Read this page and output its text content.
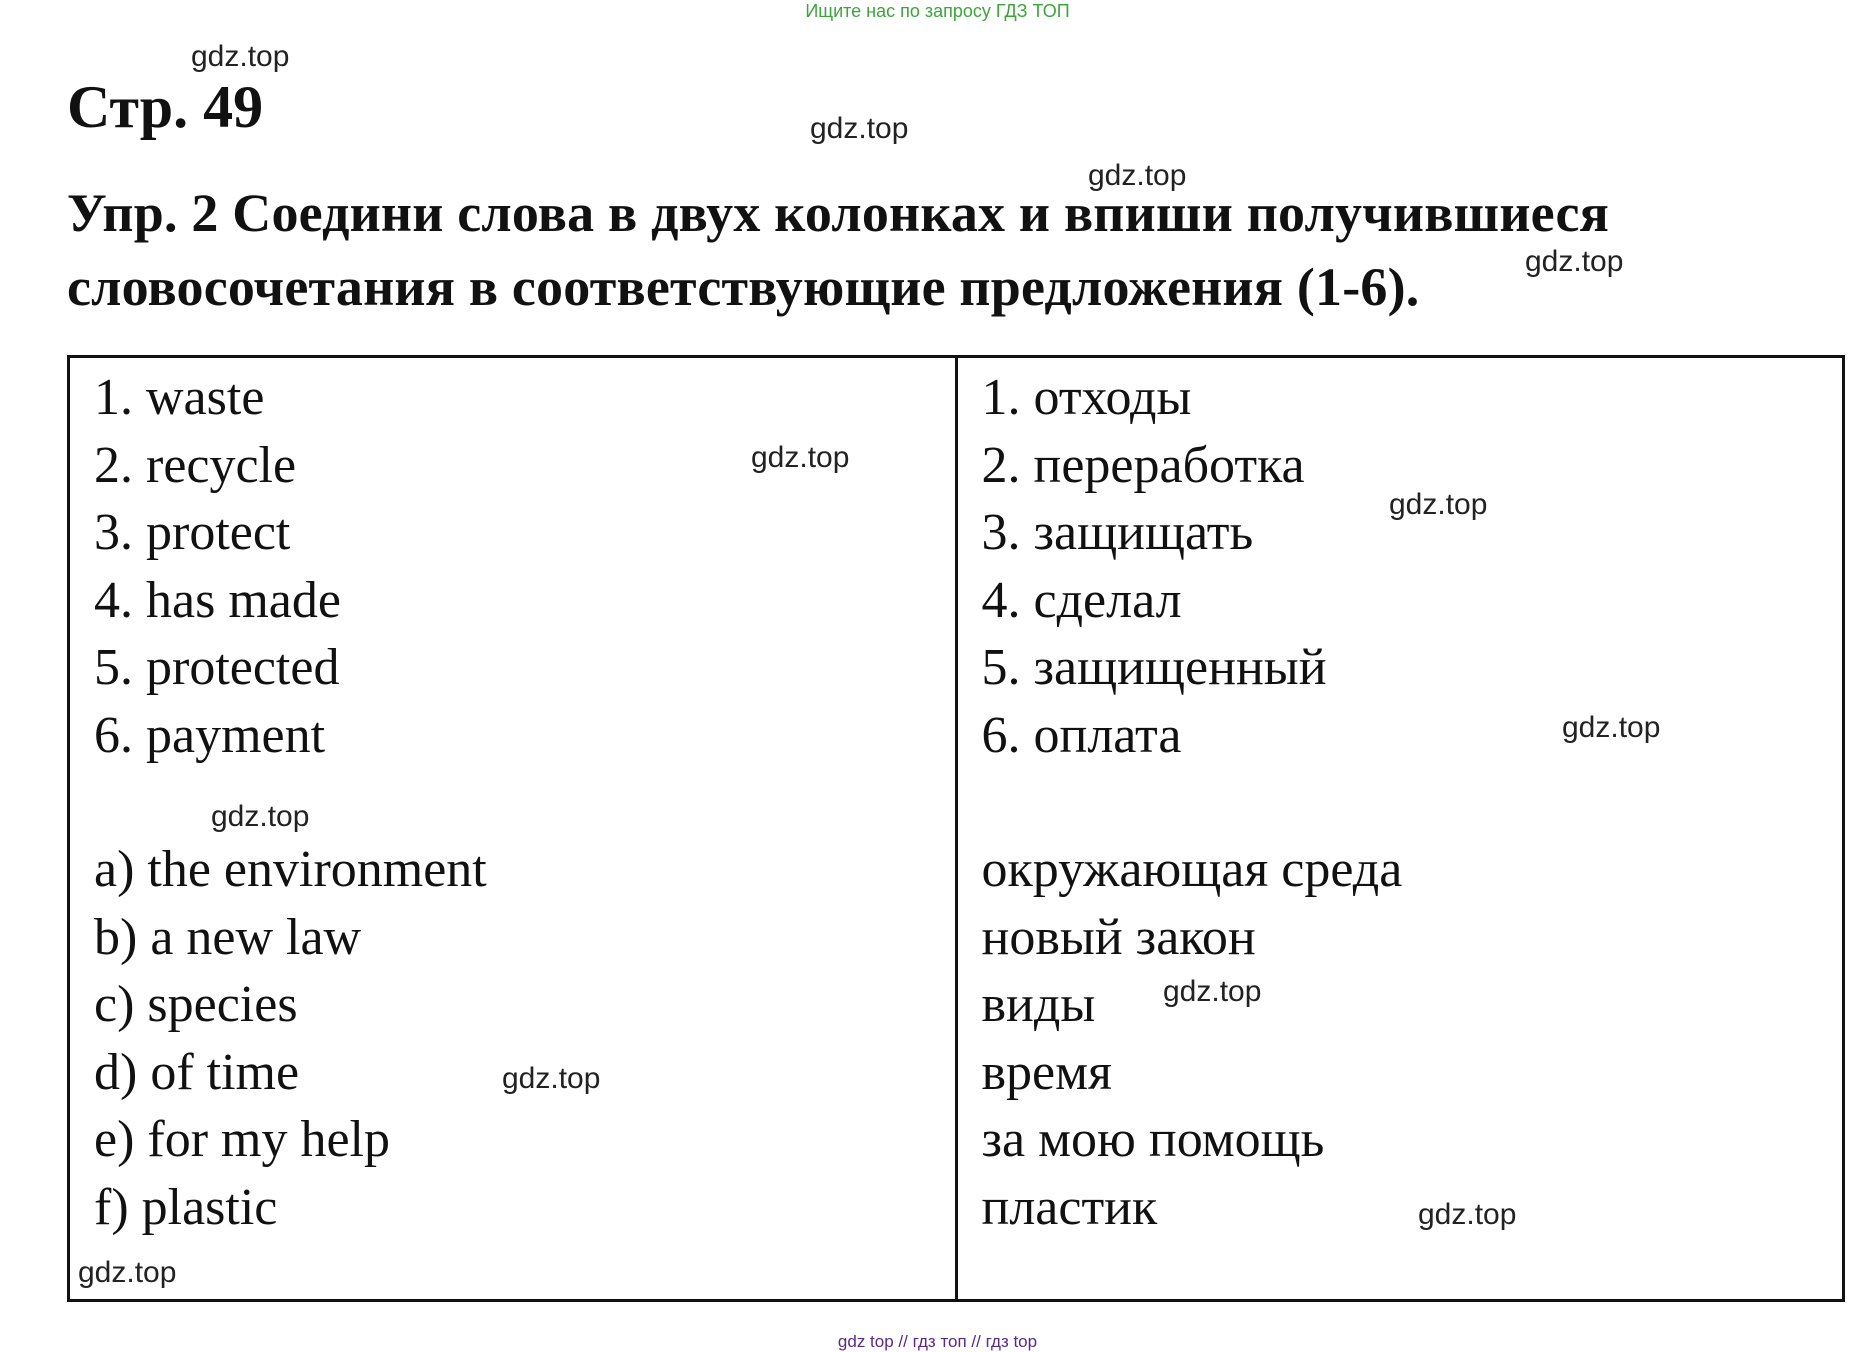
Ищите нас по запросу ГДЗ ТОП
Стр. 49

Упр. 2 Соедини слова в двух колонках и впиши получившиеся словосочетания в соответствующие предложения (1-6).

1. waste
2. recycle
3. protect
4. has made
5. protected
6. payment
a) the environment
b) a new law
c) species
d) of time
e) for my help
f) plastic
1. отходы
2. переработка
3. защищать
4. сделал
5. защищенный
6. оплата
окружающая среда
новый закон
виды
время
за мою помощь
пластик
gdz.top
gdz.top
gdz.top
gdz.top
gdz.top
gdz.top
gdz.top
gdz.top
gdz.top
gdz.top
gdz.top
gdz.top
gdz top // гдз топ // гдз top
